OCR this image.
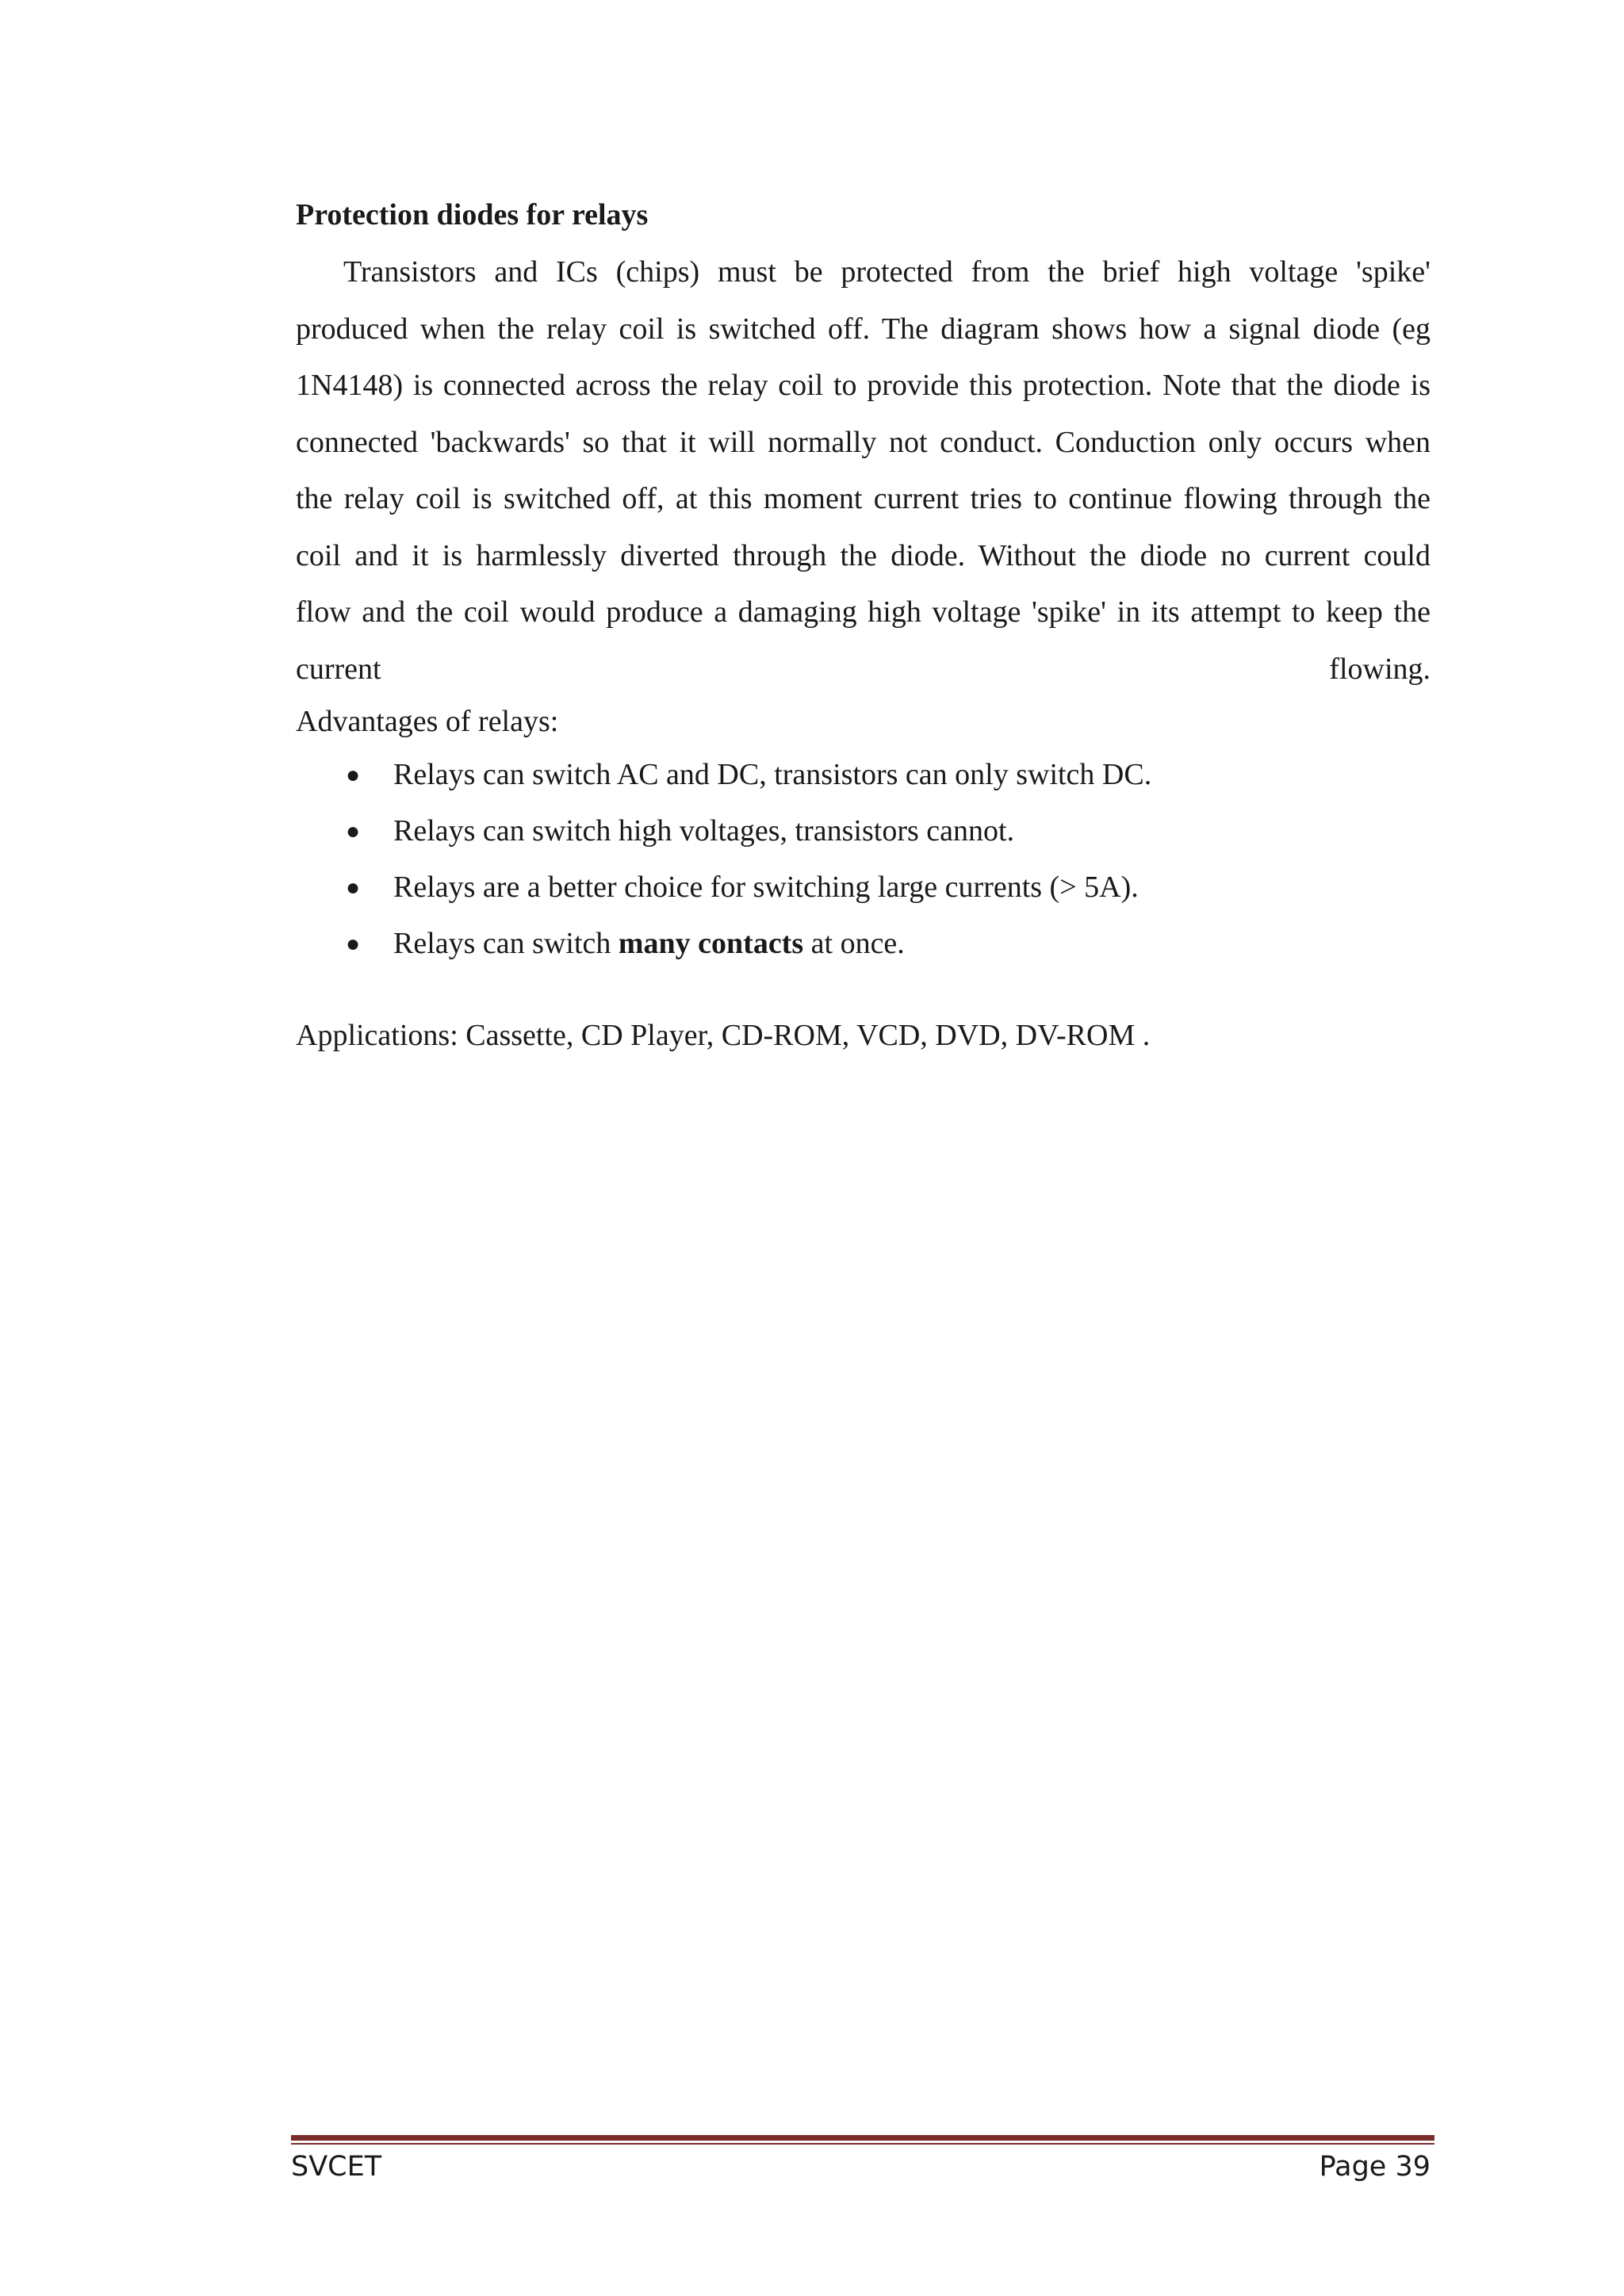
Protection diodes for relays

Transistors and ICs (chips) must be protected from the brief high voltage 'spike' produced when the relay coil is switched off. The diagram shows how a signal diode (eg 1N4148) is connected across the relay coil to provide this protection. Note that the diode is connected 'backwards' so that it will normally not conduct. Conduction only occurs when the relay coil is switched off, at this moment current tries to continue flowing through the coil and it is harmlessly diverted through the diode. Without the diode no current could flow and the coil would produce a damaging high voltage 'spike' in its attempt to keep the current flowing.

Advantages of relays:
● Relays can switch AC and DC, transistors can only switch DC.
● Relays can switch high voltages, transistors cannot.
● Relays are a better choice for switching large currents (> 5A).
● Relays can switch many contacts at once.
Applications: Cassette, CD Player, CD-ROM, VCD, DVD, DV-ROM .
SVCET	Page 39
